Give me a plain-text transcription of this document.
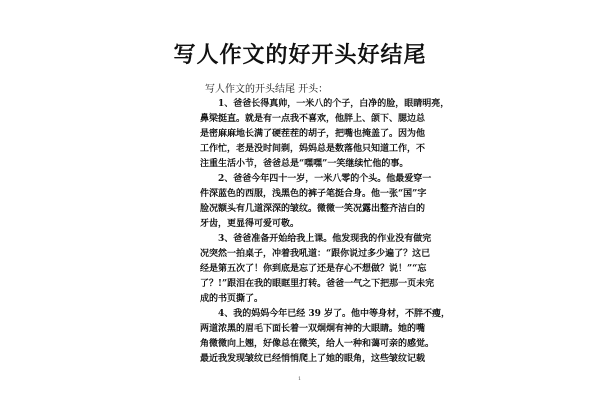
写人作文的好开头好结尾
写人作文的开头结尾 开头：
1、爸爸长得真帅，一米八的个子，白净的脸，眼睛明亮，
鼻梁挺直。就是有一点我不喜欢，他胖上、颌下、腮边总
是密麻麻地长满了硬茬茬的胡子，把嘴也掩盖了。因为他
工作忙，老是没时间剃，妈妈总是数落他只知道工作，不
注重生活小节，爸爸总是“嘿嘿”一笑继续忙他的事。
2、爸爸今年四十一岁，一米八零的个头。他最爱穿一
件深蓝色的西服，浅黑色的裤子笔挺合身。他一张“国”字
脸况额头有几道深深的皱纹。微微一笑况露出整齐洁白的
牙齿，更显得可爱可敬。
3、爸爸准备开始给我上课。他发现我的作业没有做完
况突然一拍桌子，冲着我吼道：“跟你说过多少遍了？这已
经是第五次了！你到底是忘了还是存心不想做？说！”“忘
了？!”跟泪在我的眼眶里打转。爸爸一气之下把那一页未完
成的书页撕了。
4、我的妈妈今年已经 39 岁了。他中等身材，不胖不瘦，
两道浓黑的眉毛下面长着一双炯炯有神的大眼睛。她的嘴
角微微向上翘，好像总在微笑，给人一种和蔼可亲的感觉。
最近我发现皱纹已经悄悄爬上了她的眼角，这些皱纹记载
1
